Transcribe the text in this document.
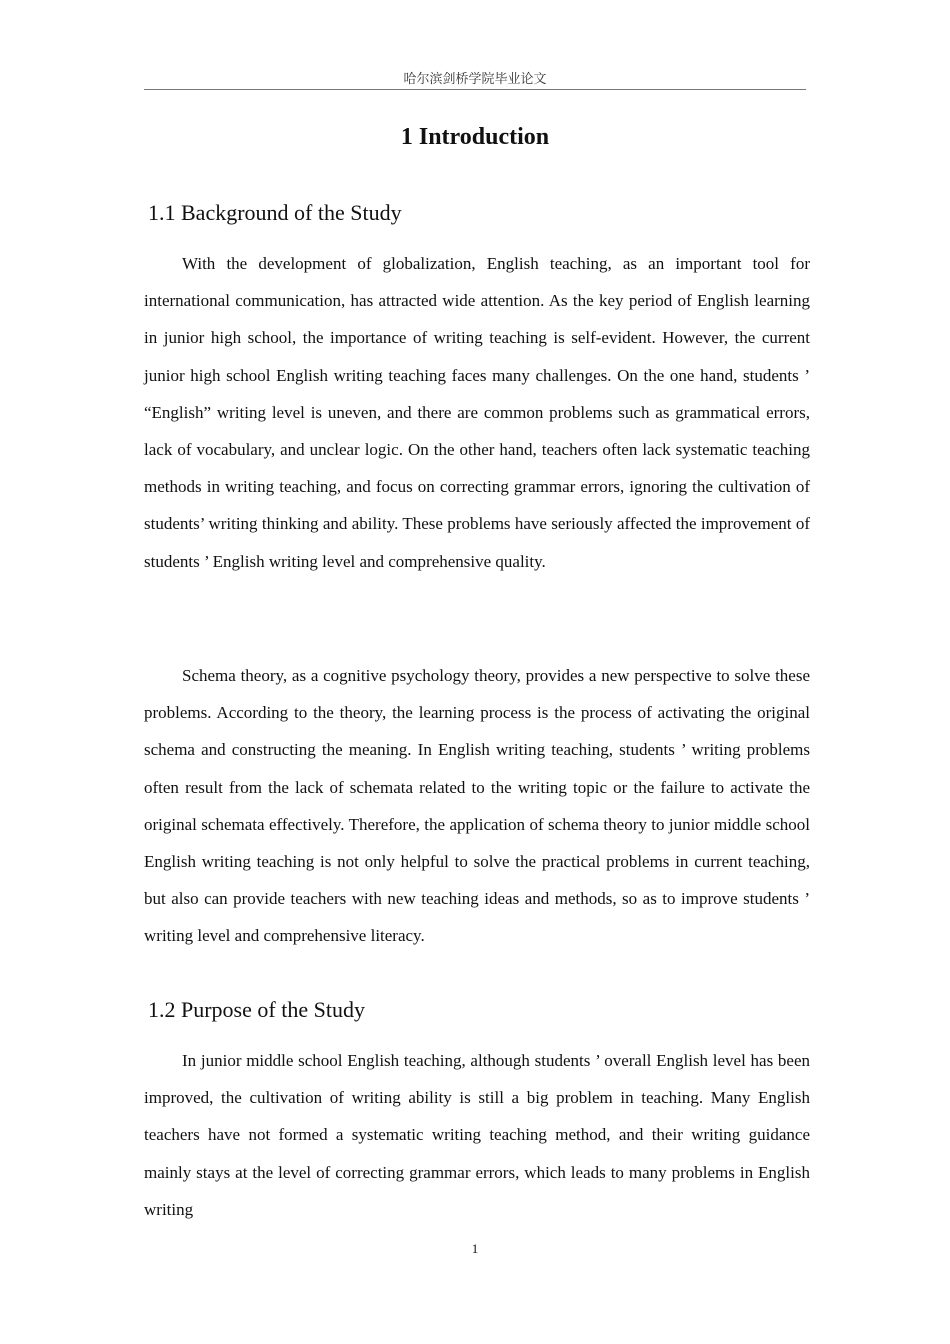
哈尔滨剑桥学院毕业论文
1 Introduction
1.1 Background of the Study

With the development of globalization, English teaching, as an important tool for international communication, has attracted wide attention. As the key period of English learning in junior high school, the importance of writing teaching is self-evident. However, the current junior high school English writing teaching faces many challenges. On the one hand, students ’ “English” writing level is uneven, and there are common problems such as grammatical errors, lack of vocabulary, and unclear logic. On the other hand, teachers often lack systematic teaching methods in writing teaching, and focus on correcting grammar errors, ignoring the cultivation of students’ writing thinking and ability. These problems have seriously affected the improvement of students ’ English writing level and comprehensive quality.

Schema theory, as a cognitive psychology theory, provides a new perspective to solve these problems. According to the theory, the learning process is the process of activating the original schema and constructing the meaning. In English writing teaching, students ’ writing problems often result from the lack of schemata related to the writing topic or the failure to activate the original schemata effectively. Therefore, the application of schema theory to junior middle school English writing teaching is not only helpful to solve the practical problems in current teaching, but also can provide teachers with new teaching ideas and methods, so as to improve students ’ writing level and comprehensive literacy.

1.2 Purpose of the Study

In junior middle school English teaching, although students ’ overall English level has been improved, the cultivation of writing ability is still a big problem in teaching. Many English teachers have not formed a systematic writing teaching method, and their writing guidance mainly stays at the level of correcting grammar errors, which leads to many problems in English writing

1
